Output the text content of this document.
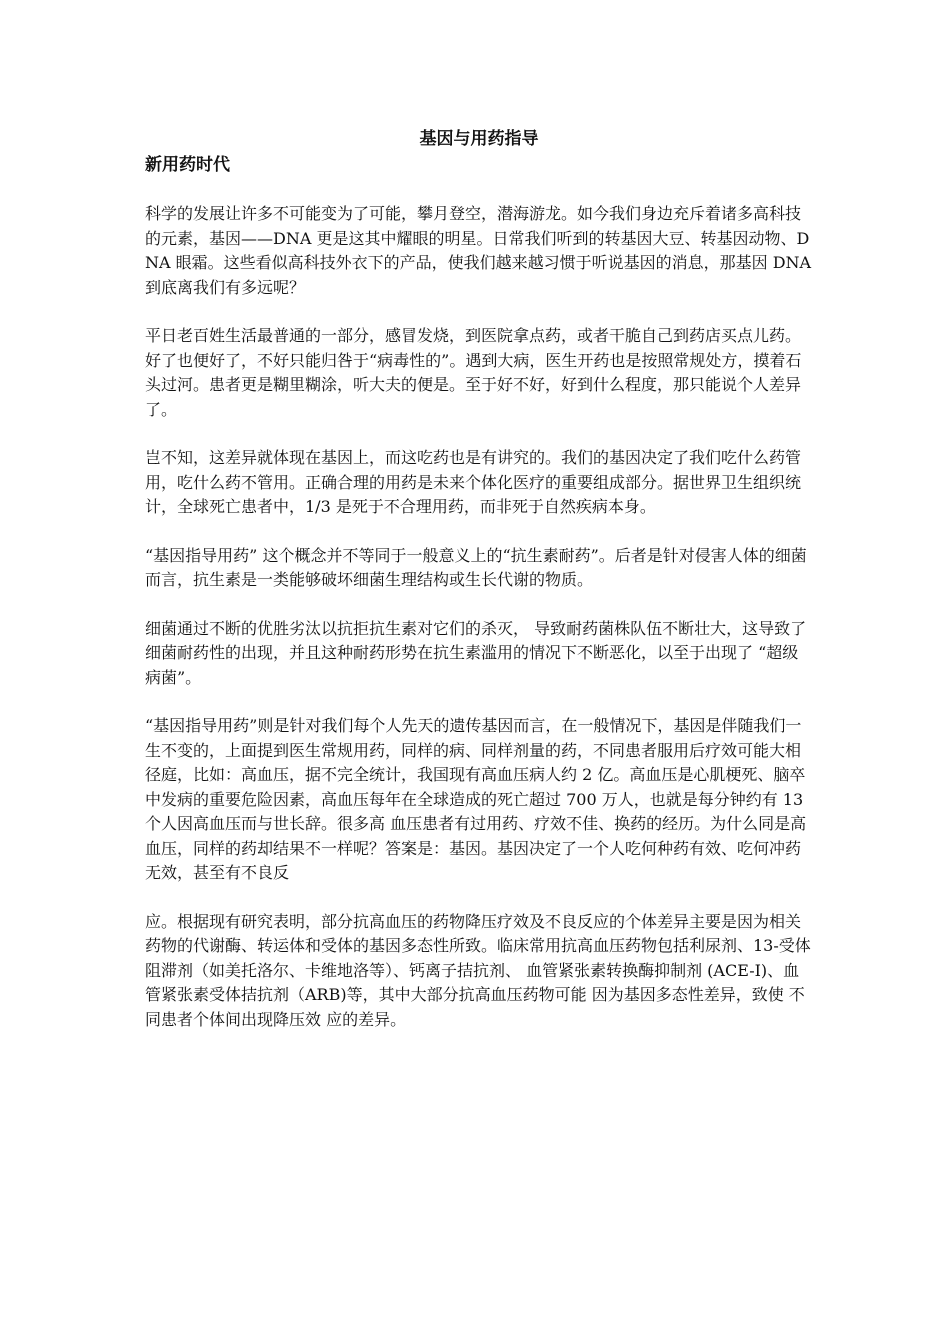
基因与用药指导
新用药时代

科学的发展让许多不可能变为了可能，攀月登空，潜海游龙。如今我们身边充斥着诸多高科技的元素，基因——DNA 更是这其中耀眼的明星。日常我们听到的转基因大豆、转基因动物、DNA 眼霜。这些看似高科技外衣下的产品，使我们越来越习惯于听说基因的消息，那基因 DNA 到底离我们有多远呢？

平日老百姓生活最普通的一部分，感冒发烧，到医院拿点药，或者干脆自己到药店买点儿药。好了也便好了，不好只能归咎于“病毒性的”。遇到大病，医生开药也是按照常规处方，摸着石头过河。患者更是糊里糊涂，听大夫的便是。至于好不好，好到什么程度，那只能说个人差异了。

岂不知，这差异就体现在基因上，而这吃药也是有讲究的。我们的基因决定了我们吃什么药管用，吃什么药不管用。正确合理的用药是未来个体化医疗的重要组成部分。据世界卫生组织统计，全球死亡患者中，1/3 是死于不合理用药，而非死于自然疾病本身。

“基因指导用药” 这个概念并不等同于一般意义上的“抗生素耐药”。后者是针对侵害人体的细菌而言，抗生素是一类能够破坏细菌生理结构或生长代谢的物质。

细菌通过不断的优胜劣汰以抗拒抗生素对它们的杀灭， 导致耐药菌株队伍不断壮大，这导致了细菌耐药性的出现，并且这种耐药形势在抗生素滥用的情况下不断恶化，以至于出现了 “超级病菌”。

“基因指导用药”则是针对我们每个人先天的遗传基因而言，在一般情况下，基因是伴随我们一生不变的，上面提到医生常规用药，同样的病、同样剂量的药，不同患者服用后疗效可能大相径庭，比如：高血压，据不完全统计，我国现有高血压病人约 2 亿。高血压是心肌梗死、脑卒中发病的重要危险因素，高血压每年在全球造成的死亡超过 700 万人，也就是每分钟约有 13 个人因高血压而与世长辞。很多高 血压患者有过用药、疗效不佳、换药的经历。为什么同是高血压，同样的药却结果不一样呢？答案是：基因。基因决定了一个人吃何种药有效、吃何冲药无效，甚至有不良反

应。根据现有研究表明，部分抗高血压的药物降压疗效及不良反应的个体差异主要是因为相关药物的代谢酶、转运体和受体的基因多态性所致。临床常用抗高血压药物包括利尿剂、13-受体阻滞剂（如美托洛尔、卡维地洛等）、钙离子拮抗剂、 血管紧张素转换酶抑制剂 (ACE-I)、血管紧张素受体拮抗剂（ARB)等，其中大部分抗高血压药物可能 因为基因多态性差异，致使 不同患者个体间出现降压效 应的差异。
